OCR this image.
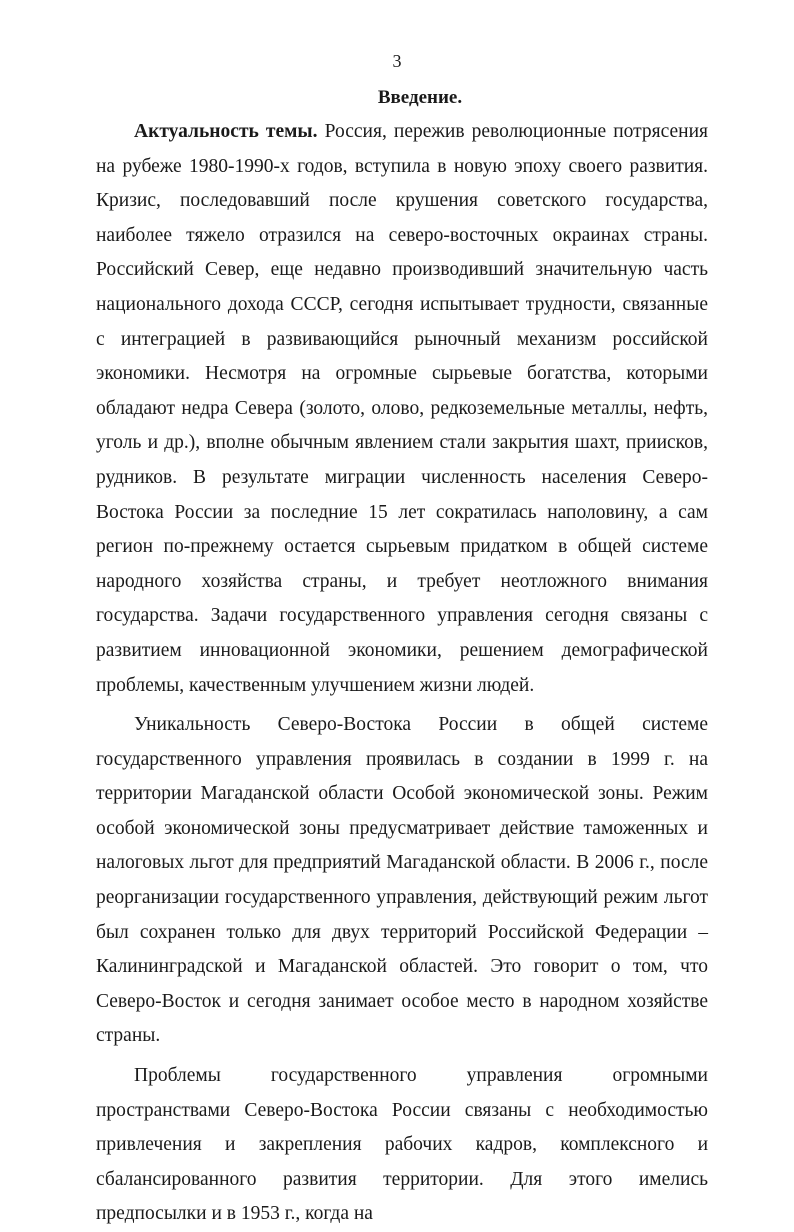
3
Введение.

Актуальность темы. Россия, пережив революционные потрясения на рубеже 1980-1990-х годов, вступила в новую эпоху своего развития. Кризис, последовавший после крушения советского государства, наиболее тяжело отразился на северо-восточных окраинах страны. Российский Север, еще недавно производивший значительную часть национального дохода СССР, сегодня испытывает трудности, связанные с интеграцией в развивающийся рыночный механизм российской экономики. Несмотря на огромные сырьевые богатства, которыми обладают недра Севера (золото, олово, редкоземельные металлы, нефть, уголь и др.), вполне обычным явлением стали закрытия шахт, приисков, рудников. В результате миграции численность населения Северо-Востока России за последние 15 лет сократилась наполовину, а сам регион по-прежнему остается сырьевым придатком в общей системе народного хозяйства страны, и требует неотложного внимания государства. Задачи государственного управления сегодня связаны с развитием инновационной экономики, решением демографической проблемы, качественным улучшением жизни людей.

Уникальность Северо-Востока России в общей системе государственного управления проявилась в создании в 1999 г. на территории Магаданской области Особой экономической зоны. Режим особой экономической зоны предусматривает действие таможенных и налоговых льгот для предприятий Магаданской области. В 2006 г., после реорганизации государственного управления, действующий режим льгот был сохранен только для двух территорий Российской Федерации – Калининградской и Магаданской областей. Это говорит о том, что Северо-Восток и сегодня занимает особое место в народном хозяйстве страны.

Проблемы государственного управления огромными пространствами Северо-Востока России связаны с необходимостью привлечения и закрепления рабочих кадров, комплексного и сбалансированного развития территории. Для этого имелись предпосылки и в 1953 г., когда на
